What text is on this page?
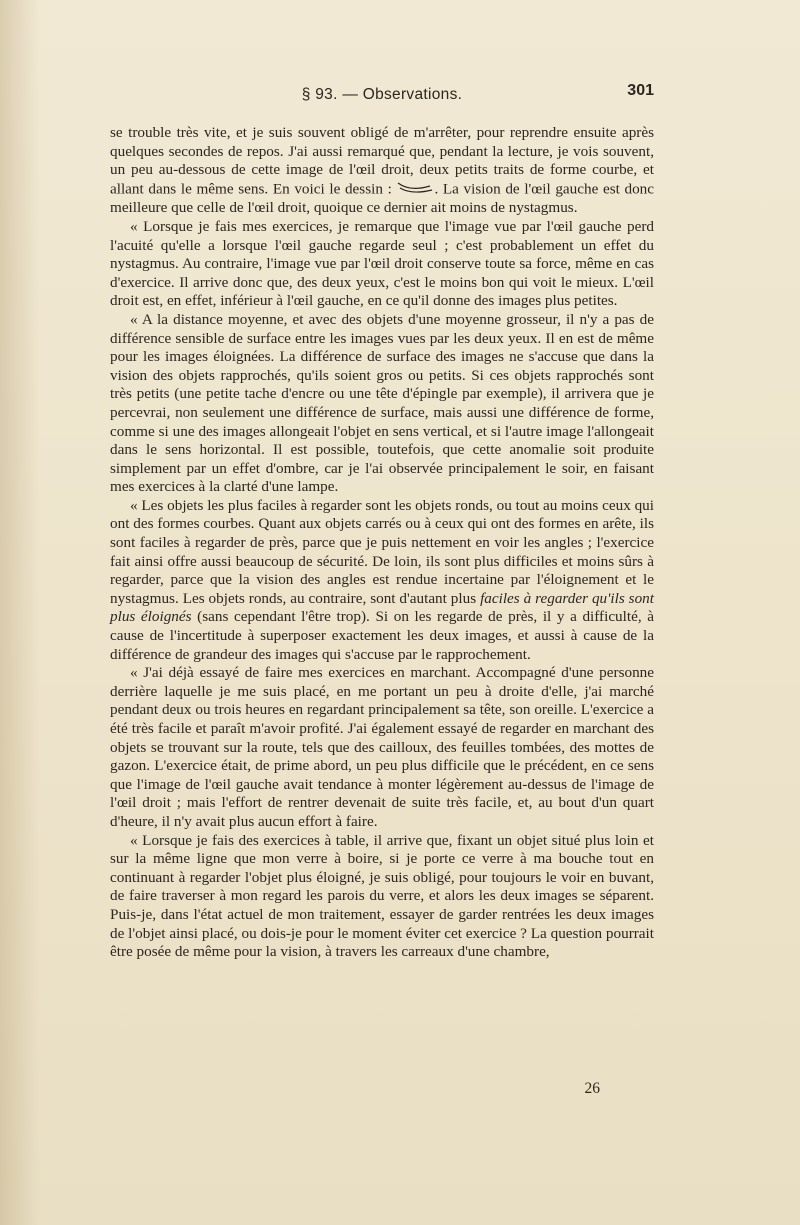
§ 93. — Observations.	301

se trouble très vite, et je suis souvent obligé de m'arrêter, pour reprendre ensuite après quelques secondes de repos. J'ai aussi remarqué que, pendant la lecture, je vois souvent, un peu au-dessous de cette image de l'œil droit, deux petits traits de forme courbe, et allant dans le même sens. En voici le dessin :	. La vision de l'œil gauche est donc meilleure que celle de l'œil droit, quoique ce dernier ait moins de nystagmus.

« Lorsque je fais mes exercices, je remarque que l'image vue par l'œil gauche perd l'acuité qu'elle a lorsque l'œil gauche regarde seul ; c'est probablement un effet du nystagmus. Au contraire, l'image vue par l'œil droit conserve toute sa force, même en cas d'exercice. Il arrive donc que, des deux yeux, c'est le moins bon qui voit le mieux. L'œil droit est, en effet, inférieur à l'œil gauche, en ce qu'il donne des images plus petites.

« A la distance moyenne, et avec des objets d'une moyenne grosseur, il n'y a pas de différence sensible de surface entre les images vues par les deux yeux. Il en est de même pour les images éloignées. La différence de surface des images ne s'accuse que dans la vision des objets rapprochés, qu'ils soient gros ou petits. Si ces objets rapprochés sont très petits (une petite tache d'encre ou une tête d'épingle par exemple), il arrivera que je percevrai, non seulement une différence de surface, mais aussi une différence de forme, comme si une des images allongeait l'objet en sens vertical, et si l'autre image l'allongeait dans le sens horizontal. Il est possible, toutefois, que cette anomalie soit produite simplement par un effet d'ombre, car je l'ai observée principalement le soir, en faisant mes exercices à la clarté d'une lampe.

« Les objets les plus faciles à regarder sont les objets ronds, ou tout au moins ceux qui ont des formes courbes. Quant aux objets carrés ou à ceux qui ont des formes en arête, ils sont faciles à regarder de près, parce que je puis nettement en voir les angles ; l'exercice fait ainsi offre aussi beaucoup de sécurité. De loin, ils sont plus difficiles et moins sûrs à regarder, parce que la vision des angles est rendue incertaine par l'éloignement et le nystagmus. Les objets ronds, au contraire, sont d'autant plus faciles à regarder qu'ils sont plus éloignés (sans cependant l'être trop). Si on les regarde de près, il y a difficulté, à cause de l'incertitude à superposer exactement les deux images, et aussi à cause de la différence de grandeur des images qui s'accuse par le rapprochement.

« J'ai déjà essayé de faire mes exercices en marchant. Accompagné d'une personne derrière laquelle je me suis placé, en me portant un peu à droite d'elle, j'ai marché pendant deux ou trois heures en regardant principalement sa tête, son oreille. L'exercice a été très facile et paraît m'avoir profité. J'ai également essayé de regarder en marchant des objets se trouvant sur la route, tels que des cailloux, des feuilles tombées, des mottes de gazon. L'exercice était, de prime abord, un peu plus difficile que le précédent, en ce sens que l'image de l'œil gauche avait tendance à monter légèrement au-dessus de l'image de l'œil droit ; mais l'effort de rentrer devenait de suite très facile, et, au bout d'un quart d'heure, il n'y avait plus aucun effort à faire.

« Lorsque je fais des exercices à table, il arrive que, fixant un objet situé plus loin et sur la même ligne que mon verre à boire, si je porte ce verre à ma bouche tout en continuant à regarder l'objet plus éloigné, je suis obligé, pour toujours le voir en buvant, de faire traverser à mon regard les parois du verre, et alors les deux images se séparent. Puis-je, dans l'état actuel de mon traitement, essayer de garder rentrées les deux images de l'objet ainsi placé, ou dois-je pour le moment éviter cet exercice ? La question pourrait être posée de même pour la vision, à travers les carreaux d'une chambre,

26
